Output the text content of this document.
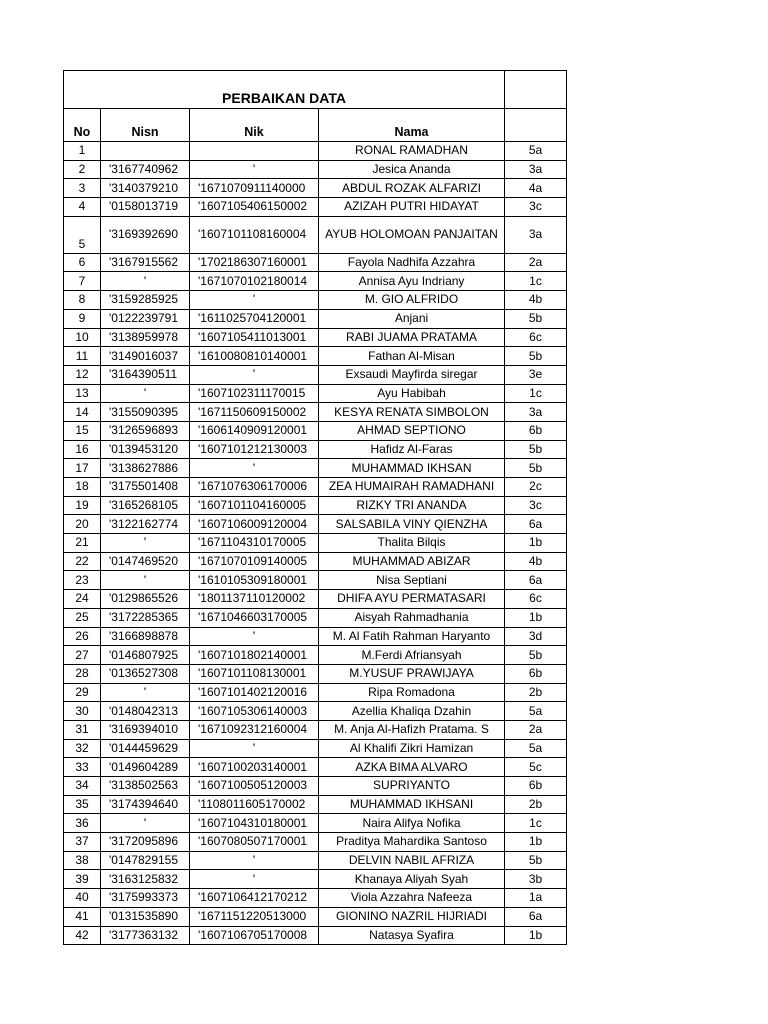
PERBAIKAN DATA				
No	Nisn	Nik	Nama	
1			RONAL RAMADHAN	5a
2	'3167740962	'	Jesica Ananda	3a
3	'3140379210	'1671070911140000	ABDUL ROZAK ALFARIZI	4a
4	'0158013719	'1607105406150002	AZIZAH PUTRI HIDAYAT	3c
5	'3169392690	'1607101108160004	AYUB HOLOMOAN PANJAITAN	3a
6	'3167915562	'1702186307160001	Fayola Nadhifa Azzahra	2a
7	'	'1671070102180014	Annisa Ayu Indriany	1c
8	'3159285925	'	M. GIO ALFRIDO	4b
9	'0122239791	'1611025704120001	Anjani	5b
10	'3138959978	'1607105411013001	RABI JUAMA PRATAMA	6c
11	'3149016037	'1610080810140001	Fathan Al-Misan	5b
12	'3164390511	'	Exsaudi Mayfirda siregar	3e
13	'	'1607102311170015	Ayu Habibah	1c
14	'3155090395	'1671150609150002	KESYA RENATA SIMBOLON	3a
15	'3126596893	'1606140909120001	AHMAD SEPTIONO	6b
16	'0139453120	'1607101212130003	Hafidz Al-Faras	5b
17	'3138627886	'	MUHAMMAD IKHSAN	5b
18	'3175501408	'1671076306170006	ZEA HUMAIRAH RAMADHANI	2c
19	'3165268105	'1607101104160005	RIZKY TRI ANANDA	3c
20	'3122162774	'1607106009120004	SALSABILA VINY QIENZHA	6a
21	'	'1671104310170005	Thalita Bilqis	1b
22	'0147469520	'1671070109140005	MUHAMMAD ABIZAR	4b
23	'	'1610105309180001	Nisa Septiani	6a
24	'0129865526	'1801137110120002	DHIFA AYU PERMATASARI	6c
25	'3172285365	'1671046603170005	Aisyah Rahmadhania	1b
26	'3166898878	'	M. Al Fatih Rahman Haryanto	3d
27	'0146807925	'1607101802140001	M.Ferdi Afriansyah	5b
28	'0136527308	'1607101108130001	M.YUSUF PRAWIJAYA	6b
29	'	'1607101402120016	Ripa Romadona	2b
30	'0148042313	'1607105306140003	Azellia Khaliqa Dzahin	5a
31	'3169394010	'1671092312160004	M. Anja Al-Hafizh Pratama. S	2a
32	'0144459629	'	Al Khalifi Zikri Hamizan	5a
33	'0149604289	'1607100203140001	AZKA BIMA ALVARO	5c
34	'3138502563	'1607100505120003	SUPRIYANTO	6b
35	'3174394640	'1108011605170002	MUHAMMAD IKHSANI	2b
36	'	'1607104310180001	Naira Alifya Nofika	1c
37	'3172095896	'1607080507170001	Praditya Mahardika Santoso	1b
38	'0147829155	'	DELVIN NABIL AFRIZA	5b
39	'3163125832	'	Khanaya Aliyah Syah	3b
40	'3175993373	'1607106412170212	Viola Azzahra Nafeeza	1a
41	'0131535890	'1671151220513000	GIONINO NAZRIL HIJRIADI	6a
42	'3177363132	'1607106705170008	Natasya Syafira	1b
